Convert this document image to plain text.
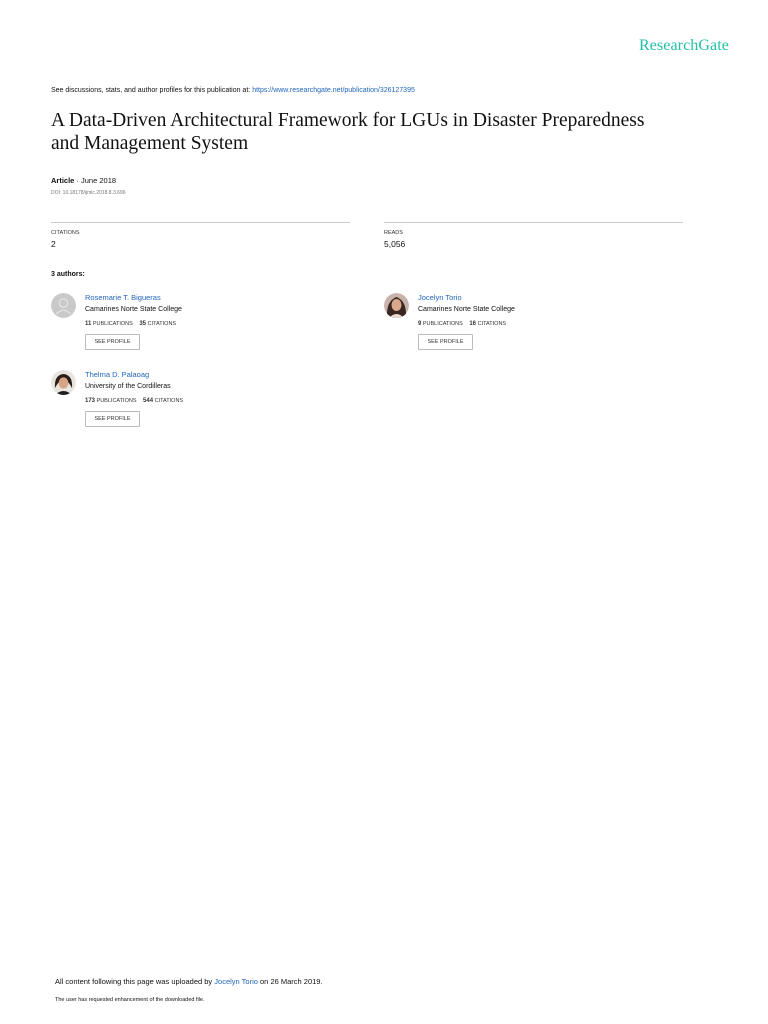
ResearchGate
See discussions, stats, and author profiles for this publication at: https://www.researchgate.net/publication/326127395
A Data-Driven Architectural Framework for LGUs in Disaster Preparedness
and Management System
Article · June 2018
DOI: 10.18178/ijmlc.2018.8.3.696
CITATIONS
2
READS
5,056
3 authors:
Rosemarie T. Bigueras
Camarines Norte State College
11 PUBLICATIONS 35 CITATIONS
SEE PROFILE
Jocelyn Torio
Camarines Norte State College
9 PUBLICATIONS 16 CITATIONS
SEE PROFILE
Thelma D. Palaoag
University of the Cordilleras
173 PUBLICATIONS 544 CITATIONS
SEE PROFILE
All content following this page was uploaded by Jocelyn Torio on 26 March 2019.
The user has requested enhancement of the downloaded file.
